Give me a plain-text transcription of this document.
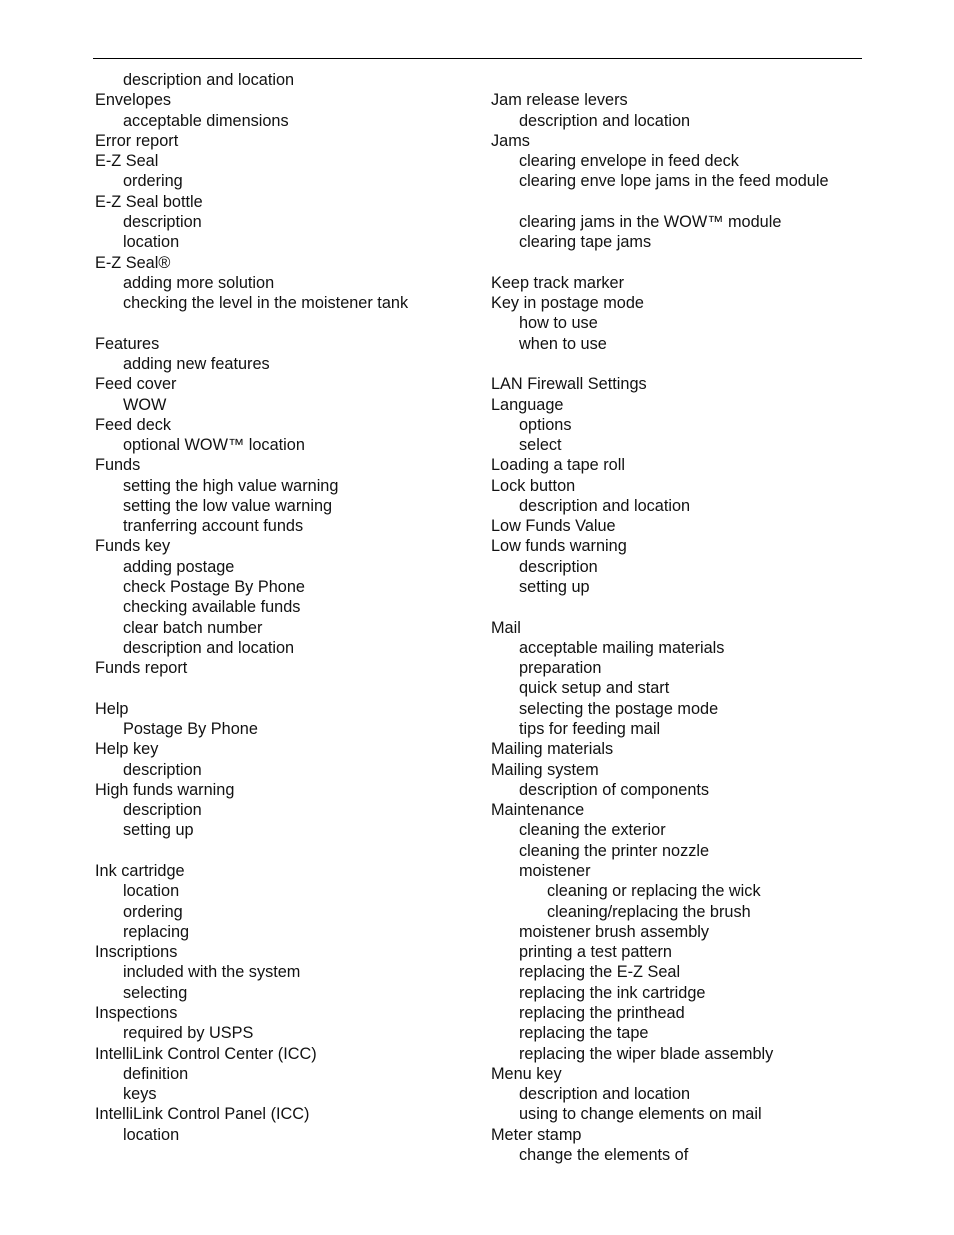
description and location
Envelopes
acceptable dimensions
Error report
E-Z Seal
ordering
E-Z Seal bottle
description
location
E-Z Seal®
adding more solution
checking the level in the moistener tank
Features
adding new features
Feed cover
WOW
Feed deck
optional WOW™ location
Funds
setting the high value warning
setting the low value warning
tranferring account funds
Funds key
adding postage
check Postage By Phone
checking available funds
clear batch number
description and location
Funds report
Help
Postage By Phone
Help key
description
High funds warning
description
setting up
Ink cartridge
location
ordering
replacing
Inscriptions
included with the system
selecting
Inspections
required by USPS
IntelliLink Control Center (ICC)
definition
keys
IntelliLink Control Panel (ICC)
location
Jam release levers
description and location
Jams
clearing envelope in feed deck
clearing enve lope jams in the feed module
clearing jams in the WOW™ module
clearing tape jams
Keep track marker
Key in postage mode
how to use
when to use
LAN Firewall Settings
Language
options
select
Loading a tape roll
Lock button
description and location
Low Funds Value
Low funds warning
description
setting up
Mail
acceptable mailing materials
preparation
quick setup and start
selecting the postage mode
tips for feeding mail
Mailing materials
Mailing system
description of components
Maintenance
cleaning the exterior
cleaning the printer nozzle
moistener
cleaning or replacing the wick
cleaning/replacing the brush
moistener brush assembly
printing a test pattern
replacing the E-Z Seal
replacing the ink cartridge
replacing the printhead
replacing the tape
replacing the wiper blade assembly
Menu key
description and location
using to change elements on mail
Meter stamp
change the elements of
